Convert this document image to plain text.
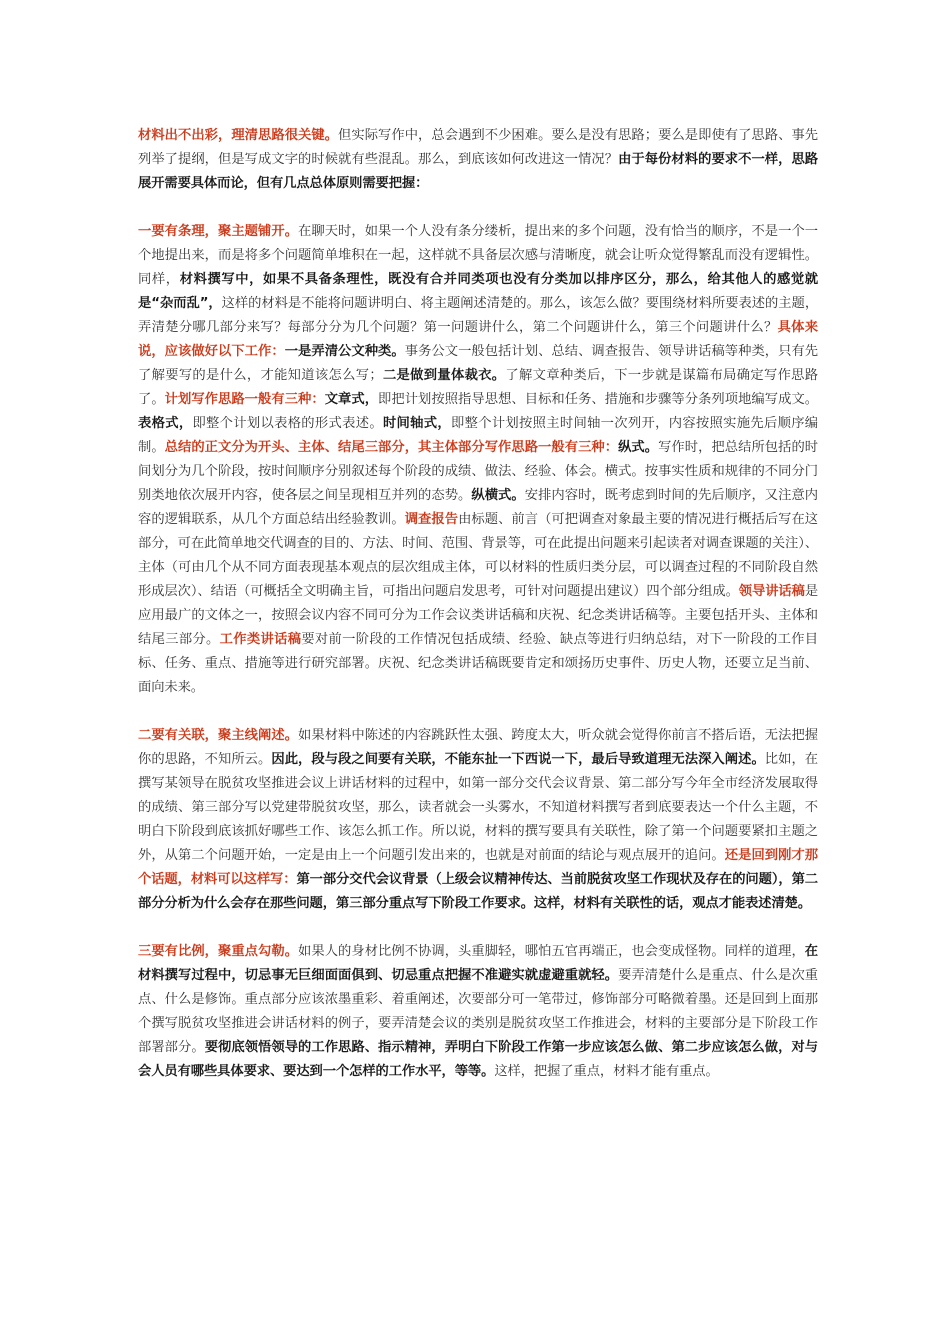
材料出不出彩，理清思路很关键。但实际写作中，总会遇到不少困难。要么是没有思路；要么是即使有了思路、事先列举了提纲，但是写成文字的时候就有些混乱。那么，到底该如何改进这一情况？由于每份材料的要求不一样，思路展开需要具体而论，但有几点总体原则需要把握：

一要有条理，聚主题铺开。在聊天时，如果一个人没有条分缕析，提出来的多个问题，没有恰当的顺序，不是一个一个地提出来，而是将多个问题简单堆积在一起，这样就不具备层次感与清晰度，就会让听众觉得繁乱而没有逻辑性。同样，材料撰写中，如果不具备条理性，既没有合并同类项也没有分类加以排序区分，那么，给其他人的感觉就是“杂而乱”，这样的材料是不能将问题讲明白、将主题阐述清楚的。那么，该怎么做？要围绕材料所要表述的主题，弄清楚分哪几部分来写？每部分分为几个问题？第一问题讲什么，第二个问题讲什么，第三个问题讲什么？具体来说，应该做好以下工作：一是弄清公文种类。事务公文一般包括计划、总结、调查报告、领导讲话稿等种类，只有先了解要写的是什么，才能知道该怎么写；二是做到量体裁衣。了解文章种类后，下一步就是谋篇布局确定写作思路了。计划写作思路一般有三种：文章式，即把计划按照指导思想、目标和任务、措施和步骤等分条列项地编写成文。表格式，即整个计划以表格的形式表述。时间轴式，即整个计划按照主时间轴一次列开，内容按照实施先后顺序编制。总结的正文分为开头、主体、结尾三部分，其主体部分写作思路一般有三种：纵式。写作时，把总结所包括的时间划分为几个阶段，按时间顺序分别叙述每个阶段的成绩、做法、经验、体会。横式。按事实性质和规律的不同分门别类地依次展开内容，使各层之间呈现相互并列的态势。纵横式。安排内容时，既考虑到时间的先后顺序，又注意内容的逻辑联系，从几个方面总结出经验教训。调查报告由标题、前言（可把调查对象最主要的情况进行概括后写在这部分，可在此简单地交代调查的目的、方法、时间、范围、背景等，可在此提出问题来引起读者对调查课题的关注）、主体（可由几个从不同方面表现基本观点的层次组成主体，可以材料的性质归类分层，可以调查过程的不同阶段自然形成层次）、结语（可概括全文明确主旨，可指出问题启发思考，可针对问题提出建议）四个部分组成。领导讲话稿是应用最广的文体之一，按照会议内容不同可分为工作会议类讲话稿和庆祝、纪念类讲话稿等。主要包括开头、主体和结尾三部分。工作类讲话稿要对前一阶段的工作情况包括成绩、经验、缺点等进行归纳总结，对下一阶段的工作目标、任务、重点、措施等进行研究部署。庆祝、纪念类讲话稿既要肯定和颂扬历史事件、历史人物，还要立足当前、面向未来。

二要有关联，聚主线阐述。如果材料中陈述的内容跳跃性太强、跨度太大，听众就会觉得你前言不搭后语，无法把握你的思路，不知所云。因此，段与段之间要有关联，不能东扯一下西说一下，最后导致道理无法深入阐述。比如，在撰写某领导在脱贫攻坚推进会议上讲话材料的过程中，如第一部分交代会议背景、第二部分写今年全市经济发展取得的成绩、第三部分写以党建带脱贫攻坚，那么，读者就会一头雾水，不知道材料撰写者到底要表达一个什么主题，不明白下阶段到底该抓好哪些工作、该怎么抓工作。所以说，材料的撰写要具有关联性，除了第一个问题要紧扣主题之外，从第二个问题开始，一定是由上一个问题引发出来的，也就是对前面的结论与观点展开的追问。还是回到刚才那个话题，材料可以这样写：第一部分交代会议背景（上级会议精神传达、当前脱贫攻坚工作现状及存在的问题），第二部分分析为什么会存在那些问题，第三部分重点写下阶段工作要求。这样，材料有关联性的话，观点才能表述清楚。

三要有比例，聚重点勾勒。如果人的身材比例不协调，头重脚轻，哪怕五官再端正，也会变成怪物。同样的道理，在材料撰写过程中，切忌事无巨细面面俱到、切忌重点把握不准避实就虚避重就轻。要弄清楚什么是重点、什么是次重点、什么是修饰。重点部分应该浓墨重彩、着重阐述，次要部分可一笔带过，修饰部分可略微着墨。还是回到上面那个撰写脱贫攻坚推进会讲话材料的例子，要弄清楚会议的类别是脱贫攻坚工作推进会，材料的主要部分是下阶段工作部署部分。要彻底领悟领导的工作思路、指示精神，弄明白下阶段工作第一步应该怎么做、第二步应该怎么做，对与会人员有哪些具体要求、要达到一个怎样的工作水平，等等。这样，把握了重点，材料才能有重点。
